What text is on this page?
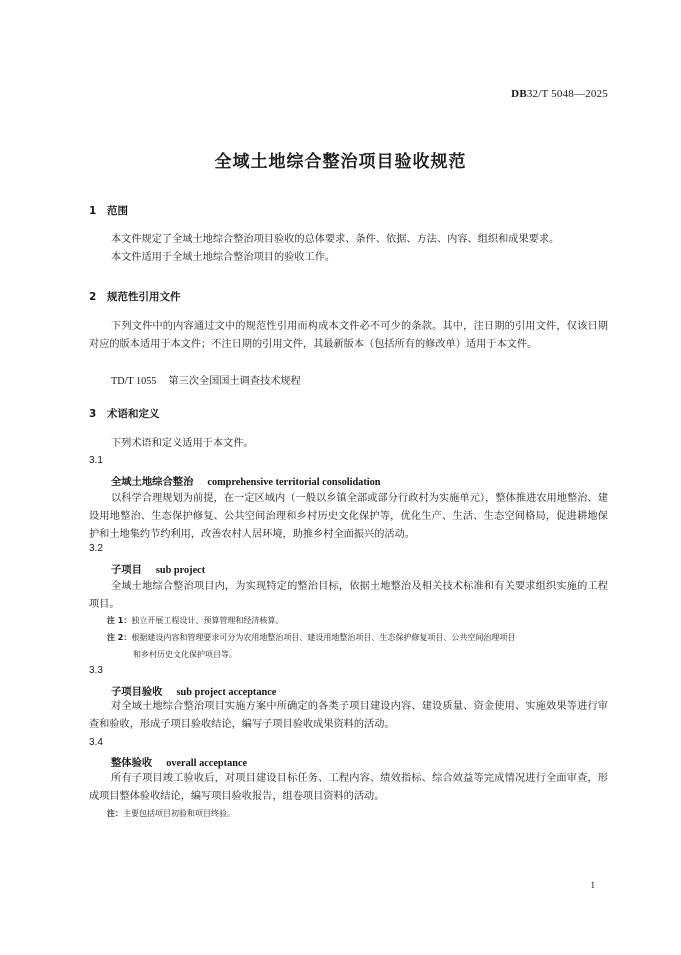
DB32/T 5048—2025
全域土地综合整治项目验收规范
1 范围
本文件规定了全域土地综合整治项目验收的总体要求、条件、依据、方法、内容、组织和成果要求。
本文件适用于全域土地综合整治项目的验收工作。
2 规范性引用文件
下列文件中的内容通过文中的规范性引用而构成本文件必不可少的条款。其中，注日期的引用文件，仅该日期对应的版本适用于本文件；不注日期的引用文件，其最新版本（包括所有的修改单）适用于本文件。
TD/T 1055 第三次全国国土调查技术规程
3 术语和定义
下列术语和定义适用于本文件。
3.1
全域土地综合整治 comprehensive territorial consolidation
以科学合理规划为前提，在一定区域内（一般以乡镇全部或部分行政村为实施单元），整体推进农用地整治、建设用地整治、生态保护修复、公共空间治理和乡村历史文化保护等，优化生产、生活、生态空间格局，促进耕地保护和土地集约节约利用，改善农村人居环境，助推乡村全面振兴的活动。
3.2
子项目 sub project
全域土地综合整治项目内，为实现特定的整治目标，依据土地整治及相关技术标准和有关要求组织实施的工程项目。
注 1：独立开展工程设计、预算管理和经济核算。
注 2：根据建设内容和管理要求可分为农用地整治项目、建设用地整治项目、生态保护修复项目、公共空间治理项目
和乡村历史文化保护项目等。
3.3
子项目验收 sub project acceptance
对全域土地综合整治项目实施方案中所确定的各类子项目建设内容、建设质量、资金使用、实施效果等进行审查和验收，形成子项目验收结论，编写子项目验收成果资料的活动。
3.4
整体验收 overall acceptance
所有子项目竣工验收后，对项目建设目标任务、工程内容、绩效指标、综合效益等完成情况进行全面审查，形成项目整体验收结论，编写项目验收报告，组卷项目资料的活动。
注：主要包括项目初验和项目终验。
1
